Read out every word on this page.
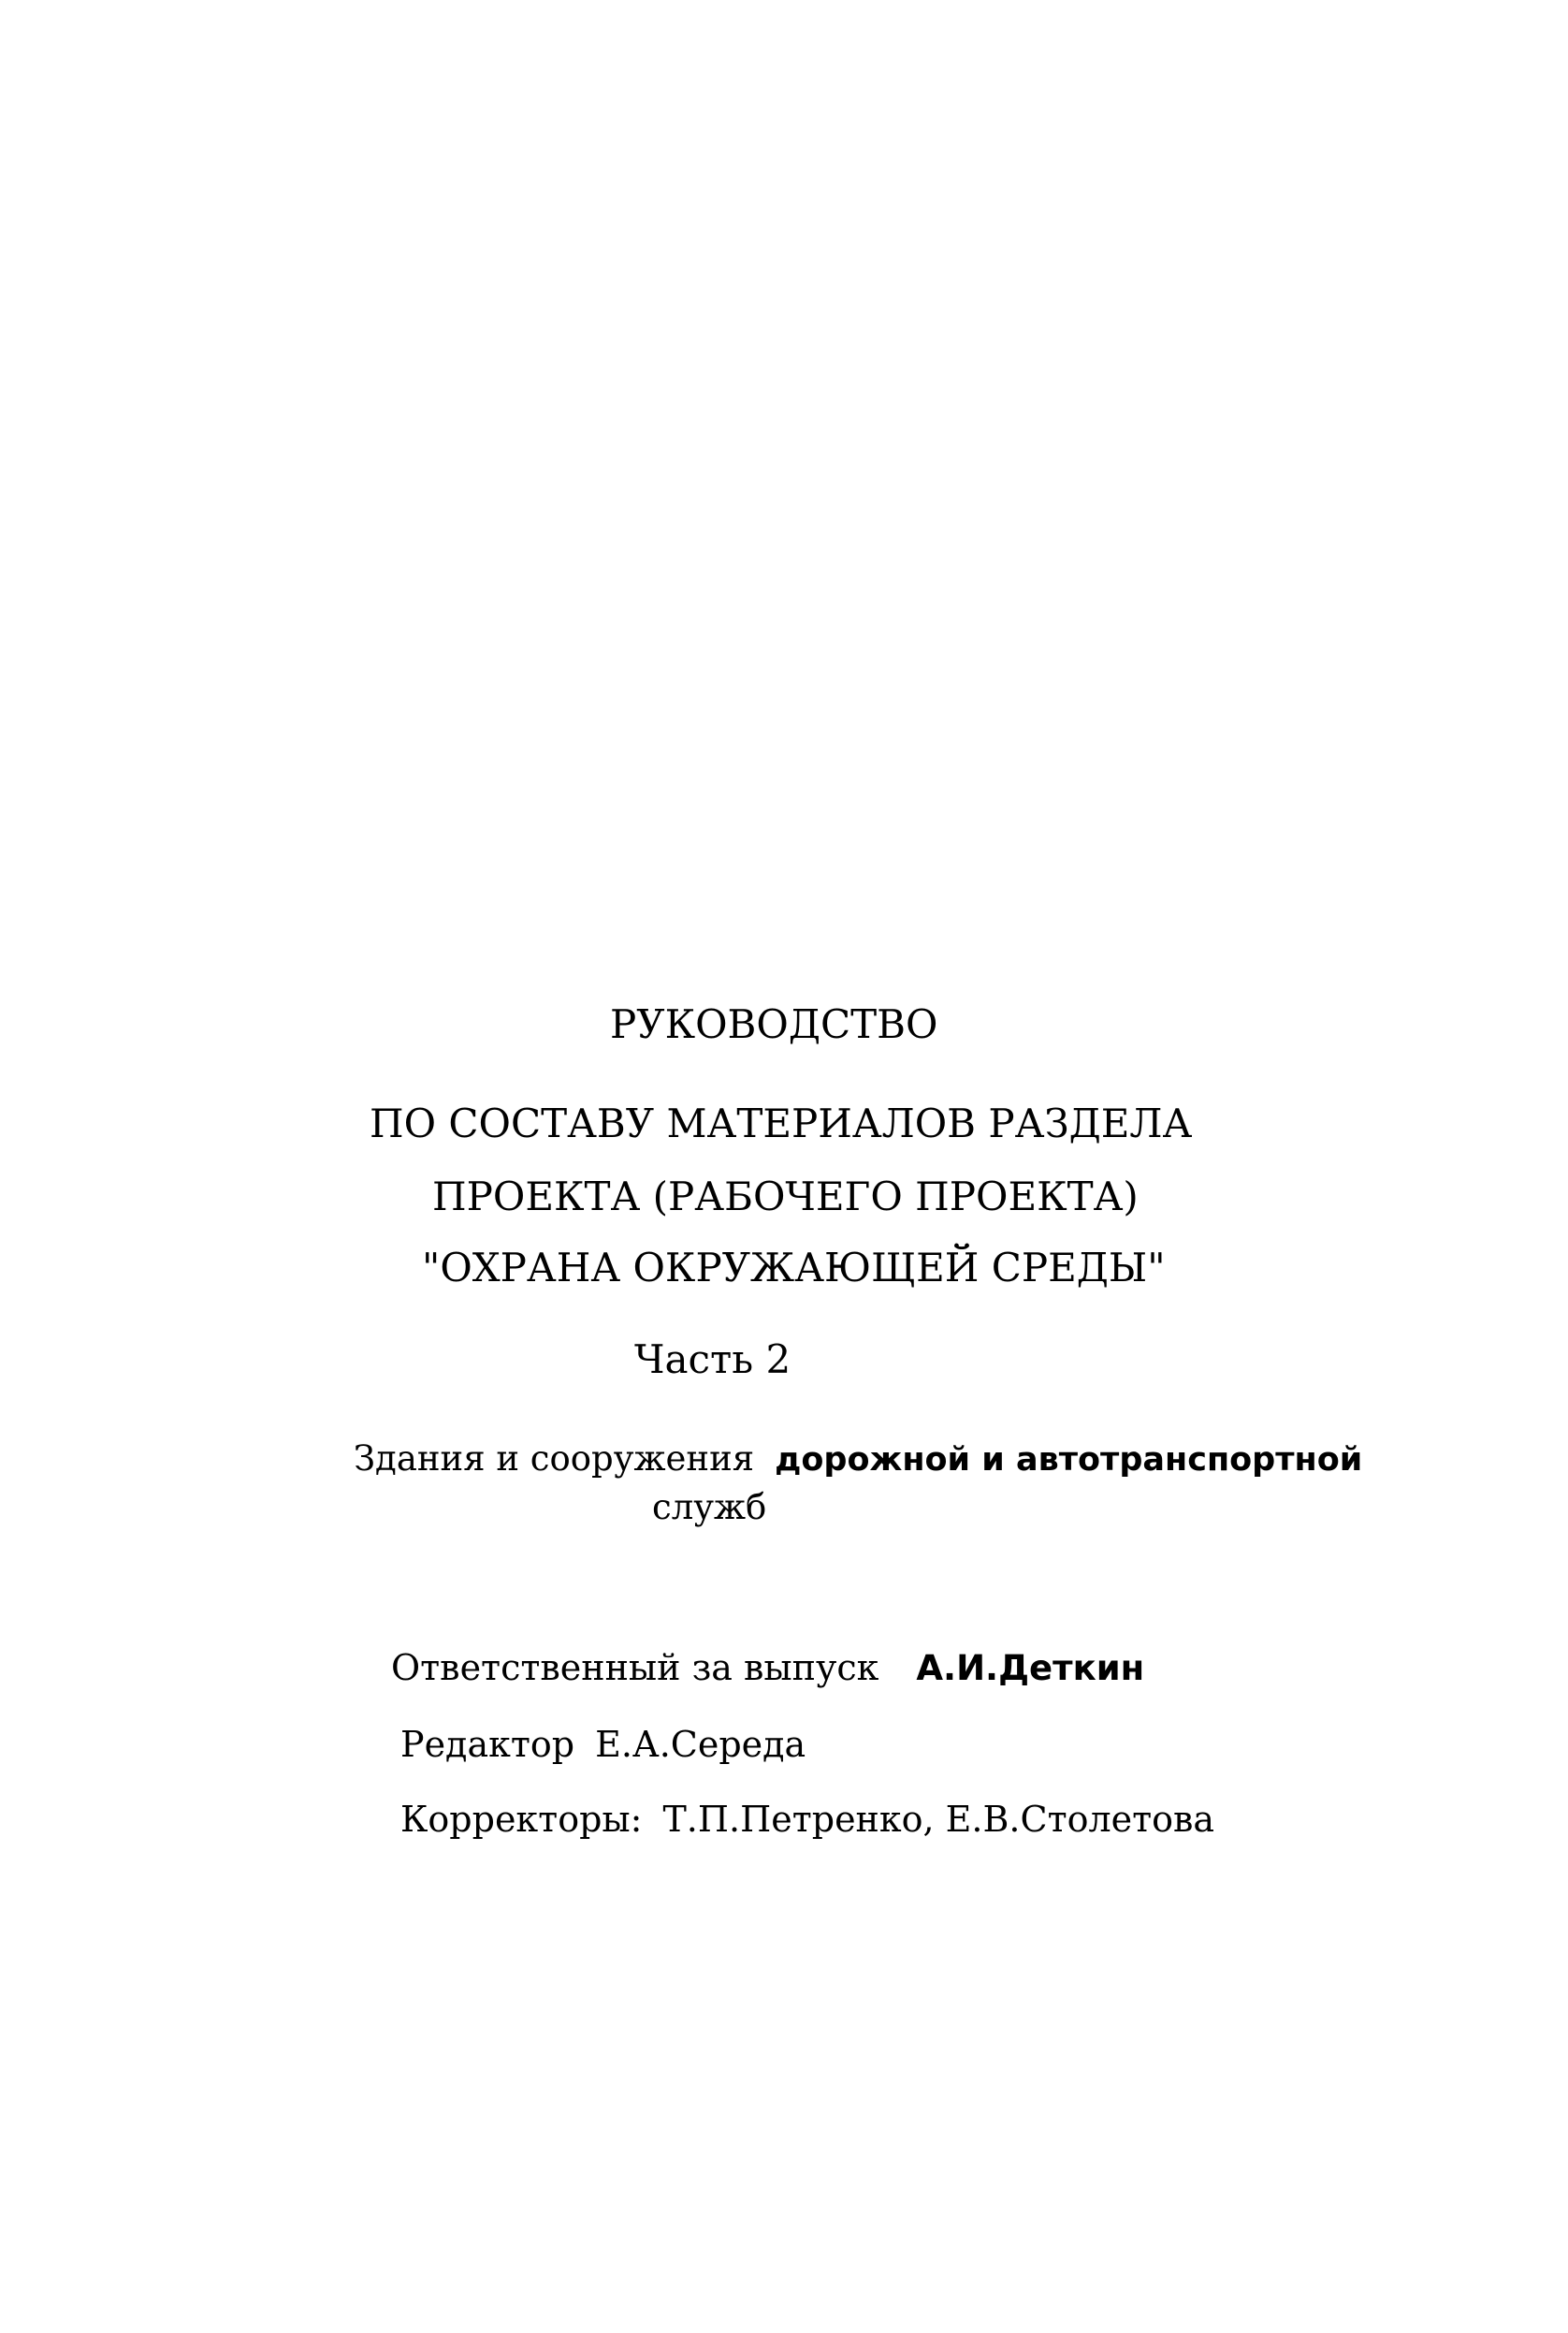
РУКОВОДСТВО
ПО СОСТАВУ МАТЕРИАЛОВ РАЗДЕЛА
ПРОЕКТА (РАБОЧЕГО ПРОЕКТА)
"ОХРАНА ОКРУЖАЮЩЕЙ СРЕДЫ"
Часть 2
Здания и сооружения дорожной и автотранспортной
служб
Ответственный за выпуск А.И.Деткин
Редактор Е.А.Середа
Корректоры: Т.П.Петренко, Е.В.Столетова
